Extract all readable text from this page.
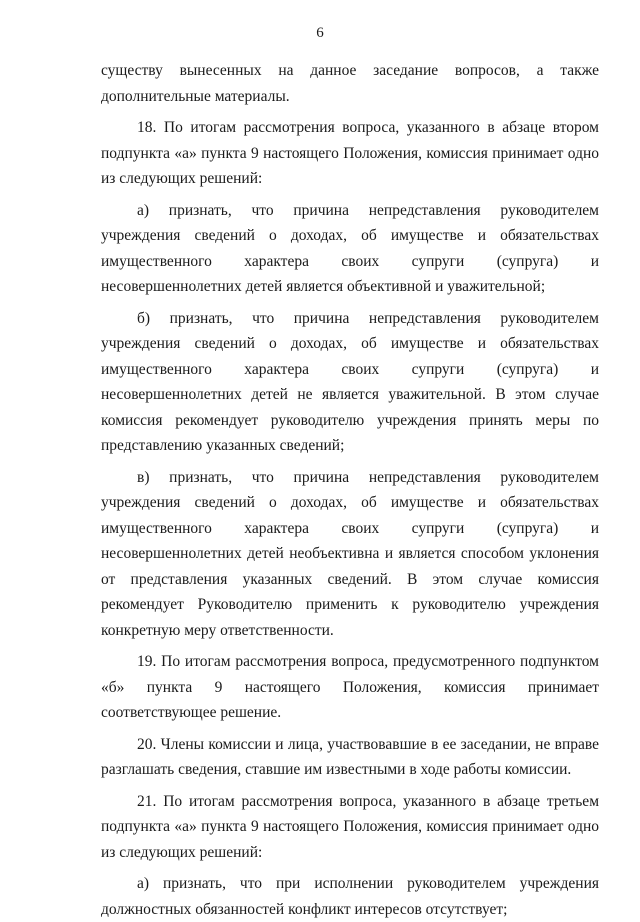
6

существу вынесенных на данное заседание вопросов, а также дополнительные материалы.

18. По итогам рассмотрения вопроса, указанного в абзаце втором подпункта «а» пункта 9 настоящего Положения, комиссия принимает одно из следующих решений:

а) признать, что причина непредставления руководителем учреждения сведений о доходах, об имуществе и обязательствах имущественного характера своих супруги (супруга) и несовершеннолетних детей является объективной и уважительной;

б) признать, что причина непредставления руководителем учреждения сведений о доходах, об имуществе и обязательствах имущественного характера своих супруги (супруга) и несовершеннолетних детей не является уважительной. В этом случае комиссия рекомендует руководителю учреждения принять меры по представлению указанных сведений;

в) признать, что причина непредставления руководителем учреждения сведений о доходах, об имуществе и обязательствах имущественного характера своих супруги (супруга) и несовершеннолетних детей необъективна и является способом уклонения от представления указанных сведений. В этом случае комиссия рекомендует Руководителю применить к руководителю учреждения конкретную меру ответственности.

19. По итогам рассмотрения вопроса, предусмотренного подпунктом «б» пункта 9 настоящего Положения, комиссия принимает соответствующее решение.

20. Члены комиссии и лица, участвовавшие в ее заседании, не вправе разглашать сведения, ставшие им известными в ходе работы комиссии.

21. По итогам рассмотрения вопроса, указанного в абзаце третьем подпункта «а» пункта 9 настоящего Положения, комиссия принимает одно из следующих решений:

а) признать, что при исполнении руководителем учреждения должностных обязанностей конфликт интересов отсутствует;
